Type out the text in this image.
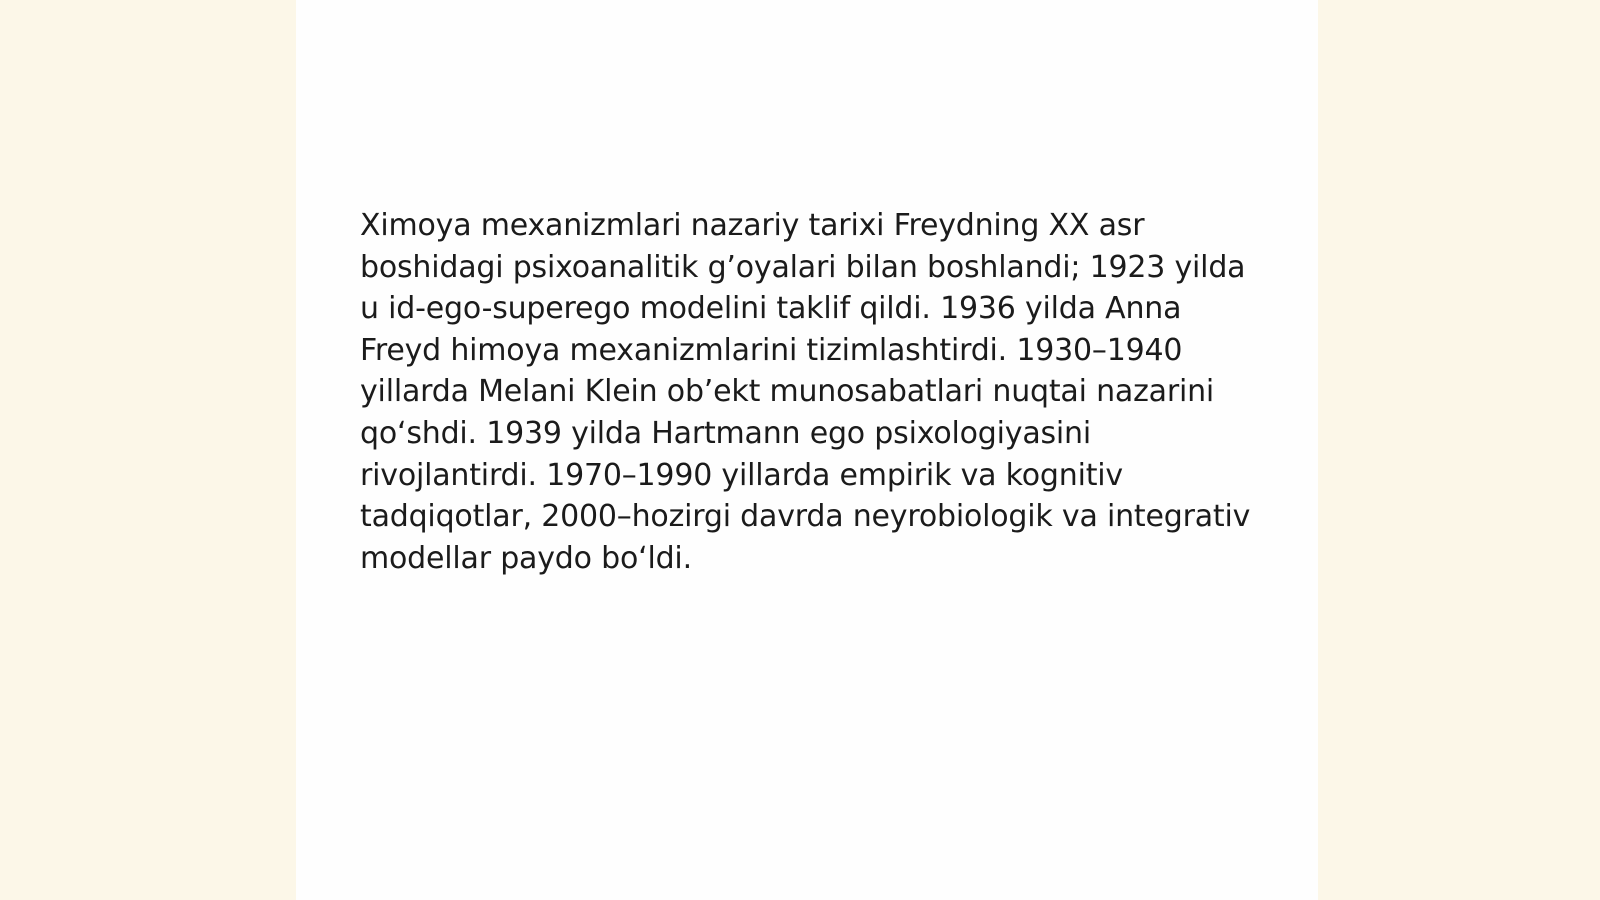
Ximoya mexanizmlari nazariy tarixi Freydning XX asr boshidagi psixoanalitik g’oyalari bilan boshlandi; 1923 yilda u id-ego-superego modelini taklif qildi. 1936 yilda Anna Freyd himoya mexanizmlarini tizimlashtirdi. 1930–1940 yillarda Melani Klein ob’ekt munosabatlari nuqtai nazarini qo‘shdi. 1939 yilda Hartmann ego psixologiyasini rivojlantirdi. 1970–1990 yillarda empirik va kognitiv tadqiqotlar, 2000–hozirgi davrda neyrobiologik va integrativ modellar paydo bo‘ldi.
